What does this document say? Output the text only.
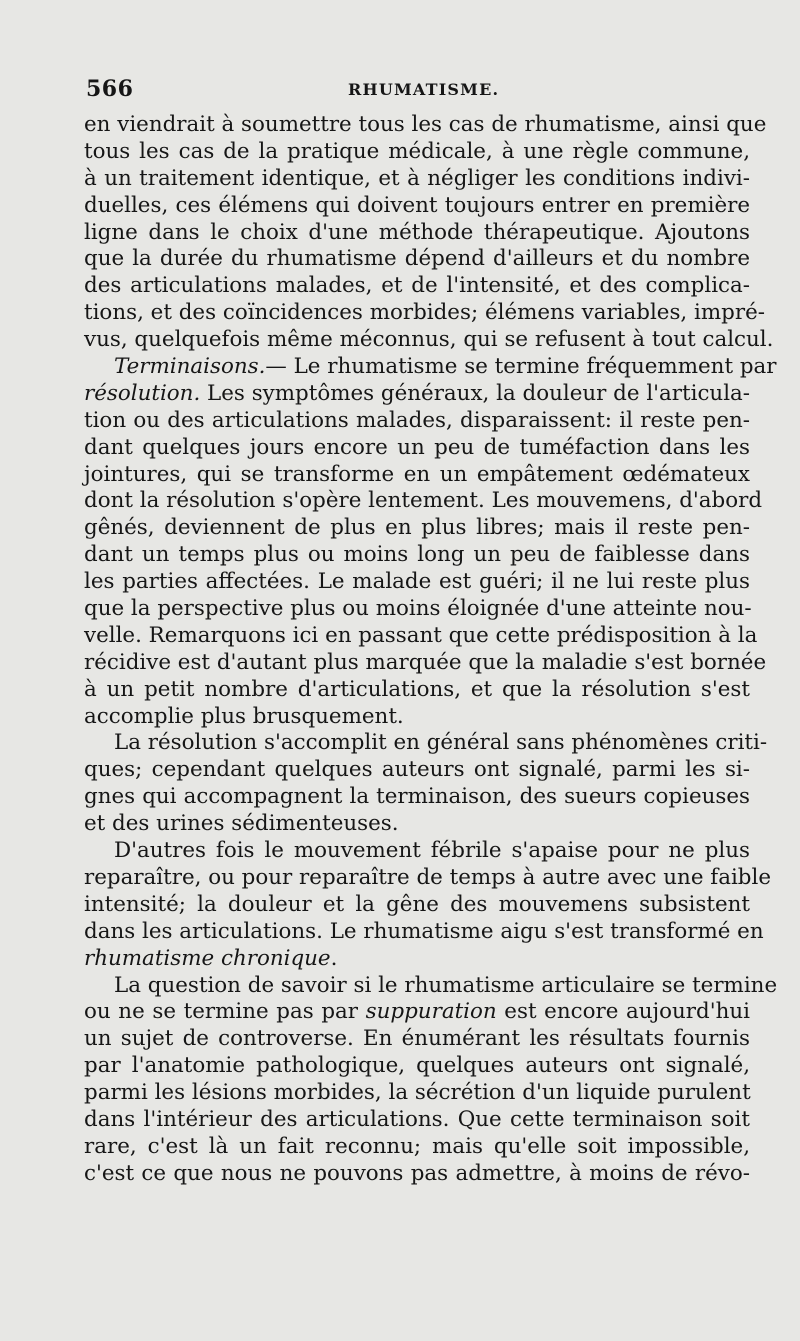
566	RHUMATISME.
en viendrait à soumettre tous les cas de rhumatisme, ainsi que
tous les cas de la pratique médicale, à une règle commune,
à un traitement identique, et à négliger les conditions indivi-
duelles, ces élémens qui doivent toujours entrer en première
ligne dans le choix d'une méthode thérapeutique. Ajoutons
que la durée du rhumatisme dépend d'ailleurs et du nombre
des articulations malades, et de l'intensité, et des complica-
tions, et des coïncidences morbides; élémens variables, impré-
vus, quelquefois même méconnus, qui se refusent à tout calcul.
Terminaisons.— Le rhumatisme se termine fréquemment par
résolution. Les symptômes généraux, la douleur de l'articula-
tion ou des articulations malades, disparaissent: il reste pen-
dant quelques jours encore un peu de tuméfaction dans les
jointures, qui se transforme en un empâtement œdémateux
dont la résolution s'opère lentement. Les mouvemens, d'abord
gênés, deviennent de plus en plus libres; mais il reste pen-
dant un temps plus ou moins long un peu de faiblesse dans
les parties affectées. Le malade est guéri; il ne lui reste plus
que la perspective plus ou moins éloignée d'une atteinte nou-
velle. Remarquons ici en passant que cette prédisposition à la
récidive est d'autant plus marquée que la maladie s'est bornée
à un petit nombre d'articulations, et que la résolution s'est
accomplie plus brusquement.
La résolution s'accomplit en général sans phénomènes criti-
ques; cependant quelques auteurs ont signalé, parmi les si-
gnes qui accompagnent la terminaison, des sueurs copieuses
et des urines sédimenteuses.
D'autres fois le mouvement fébrile s'apaise pour ne plus
reparaître, ou pour reparaître de temps à autre avec une faible
intensité; la douleur et la gêne des mouvemens subsistent
dans les articulations. Le rhumatisme aigu s'est transformé en
rhumatisme chronique.
La question de savoir si le rhumatisme articulaire se termine
ou ne se termine pas par suppuration est encore aujourd'hui
un sujet de controverse. En énumérant les résultats fournis
par l'anatomie pathologique, quelques auteurs ont signalé,
parmi les lésions morbides, la sécrétion d'un liquide purulent
dans l'intérieur des articulations. Que cette terminaison soit
rare, c'est là un fait reconnu; mais qu'elle soit impossible,
c'est ce que nous ne pouvons pas admettre, à moins de révo-
